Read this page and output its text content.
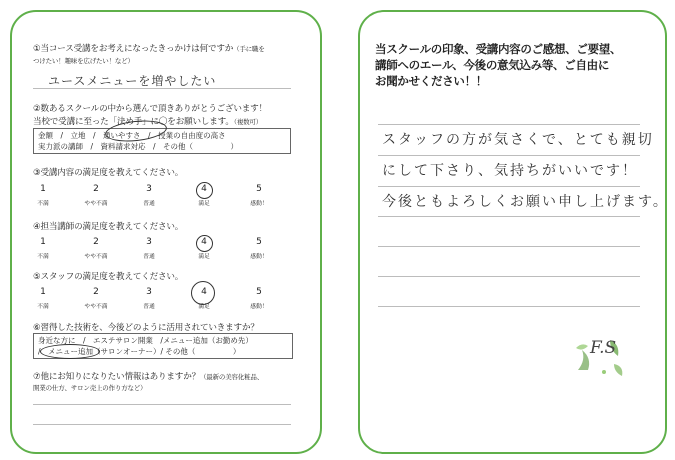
①当コース受講をお考えになったきっかけは何ですか（手に職を
つけたい！趣味を広げたい！など）
ユースメニューを増やしたい
②数あるスクールの中から選んで頂きありがとうございます！
当校で受講に至った「決め手」に〇をお願いします。（複数可）
金額　/　立地　/　通いやすさ　/　授業の自由度の高さ
実力派の講師　/　資料請求対応　/　その他（　　　　　）
③受講内容の満足度を教えてください。
1	2	3	4	5
不満	やや不満	普通	満足	感動！
④担当講師の満足度を教えてください。
1	2	3	4	5
不満	やや不満	普通	満足	感動！
⑤スタッフの満足度を教えてください。
1	2	3	4	5
不満	やや不満	普通	満足	感動！
⑥習得した技術を、今後どのように活用されていきますか？
身近な方に　/　エステサロン開業　/メニュー追加（お勤め先）
/　メニュー追加（サロンオーナー）/ その他（　　　　　）
⑦他にお知りになりたい情報はありますか？（最新の美容化粧品、
開業の仕方、サロン売上の作り方など）
当スクールの印象、受講内容のご感想、ご要望、
講師へのエール、今後の意気込み等、ご自由に
お聞かせください！！
スタッフの方が気さくで、とても親切
にして下さり、気持ちがいいです！
今後ともよろしくお願い申し上げます。
F.S
